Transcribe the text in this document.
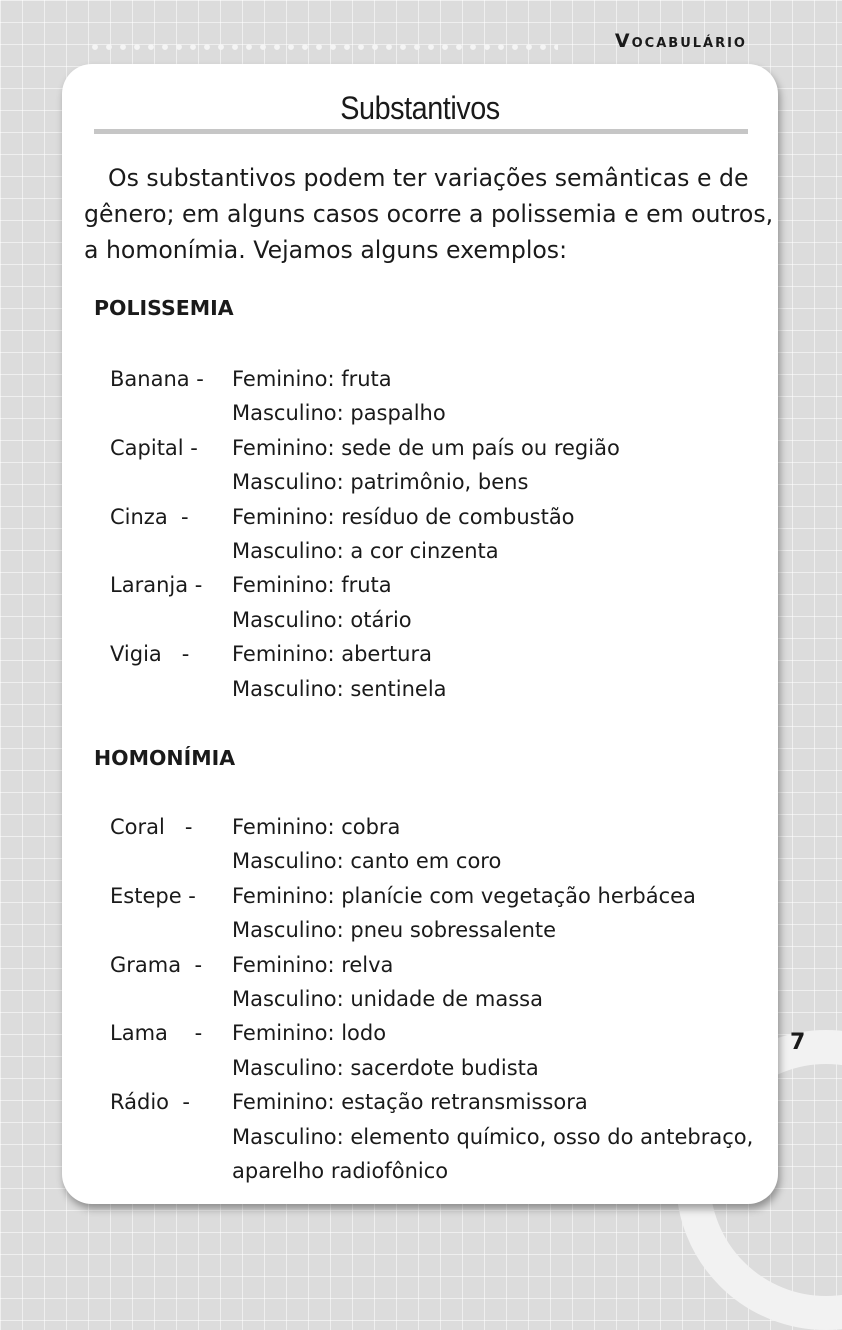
Vocabulário
7
Substantivos
Os substantivos podem ter variações semânticas e de gênero; em alguns casos ocorre a polissemia e em outros, a homonímia. Vejamos alguns exemplos:
POLISSEMIA
Banana -	Feminino: fruta
Masculino: paspalho
Capital -	Feminino: sede de um país ou região
Masculino: patrimônio, bens
Cinza  -	Feminino: resíduo de combustão
Masculino: a cor cinzenta
Laranja -	Feminino: fruta
Masculino: otário
Vigia   -	Feminino: abertura
Masculino: sentinela
HOMONÍMIA
Coral   -	Feminino: cobra
Masculino: canto em coro
Estepe -	Feminino: planície com vegetação herbácea
Masculino: pneu sobressalente
Grama  -	Feminino: relva
Masculino: unidade de massa
Lama    -	Feminino: lodo
Masculino: sacerdote budista
Rádio  -	Feminino: estação retransmissora
Masculino: elemento químico, osso do antebraço, aparelho radiofônico
